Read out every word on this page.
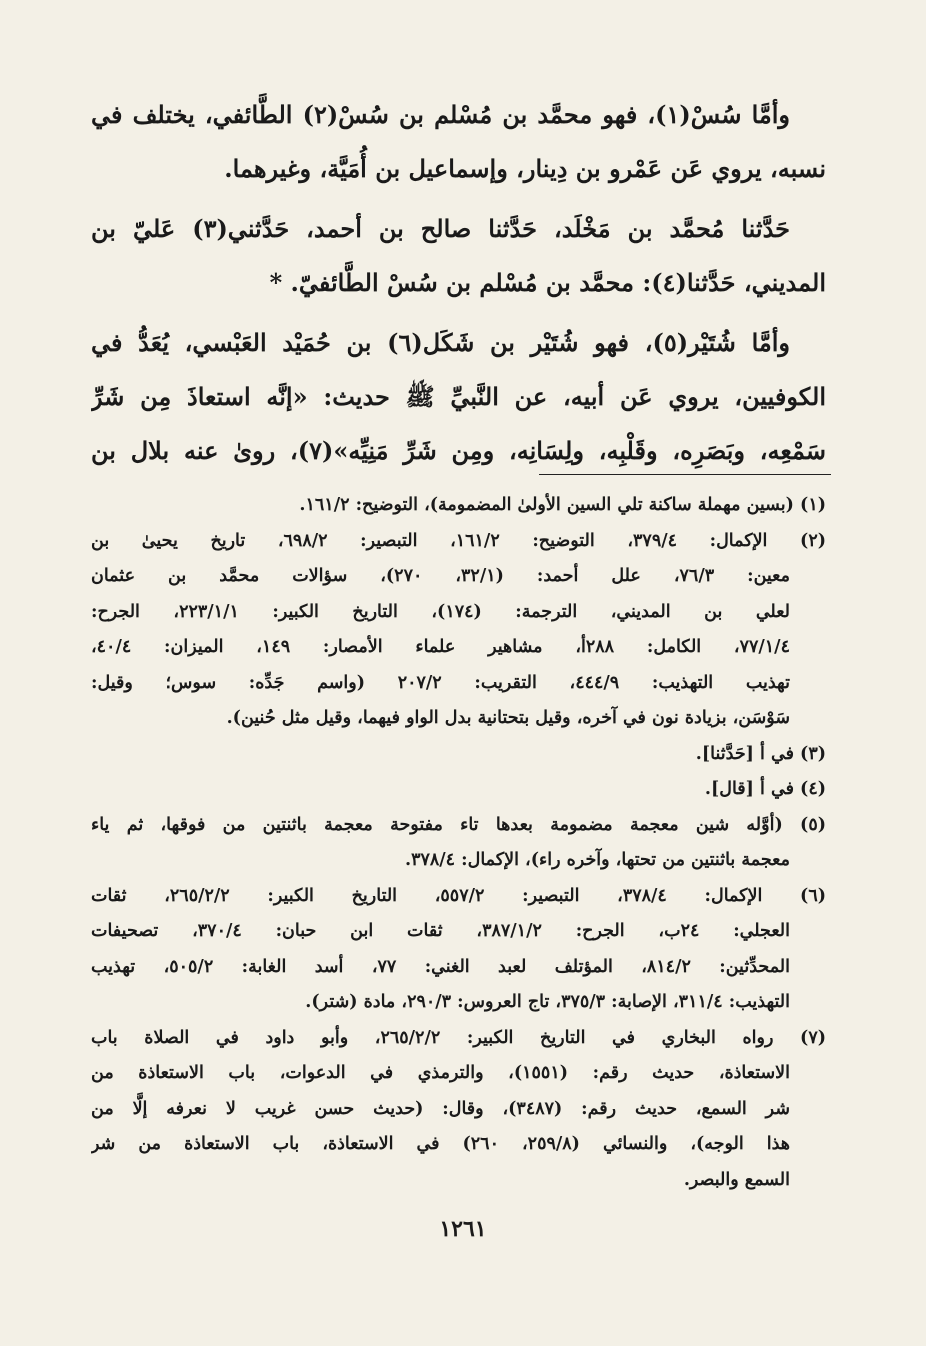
وأمَّا سُسْ(١)، فهو محمَّد بن مُسْلم بن سُسْ(٢) الطَّائفي، يختلف في
نسبه، يروي عَن عَمْرو بن دِينار، وإسماعيل بن أُمَيَّة، وغيرهما.
حَدَّثنا مُحمَّد بن مَخْلَد، حَدَّثنا صالح بن أحمد، حَدَّثني(٣) عَليّ بن
المديني، حَدَّثنا(٤): محمَّد بن مُسْلم بن سُسْ الطَّائفيّ. *
وأمَّا شُتَيْر(٥)، فهو شُتَيْر بن شَكَل(٦) بن حُمَيْد العَبْسي، يُعَدُّ في
الكوفيين، يروي عَن أبيه، عن النَّبيِّ ﷺ حديث: «إنَّه استعاذَ مِن شَرِّ
سَمْعِه، وبَصَرِه، وقَلْبِه، ولِسَانِه، ومِن شَرِّ مَنِيِّه»(٧)، روىٰ عنه بلال بن
(١) (بسين مهملة ساكنة تلي السين الأولىٰ المضمومة)، التوضيح: ١٦١/٢.
(٢) الإكمال: ٣٧٩/٤، التوضيح: ١٦١/٢، التبصير: ٦٩٨/٢، تاريخ يحيىٰ بن
معين: ٧٦/٣، علل أحمد: (٣٢/١، ٢٧٠)، سؤالات محمَّد بن عثمان
لعلي بن المديني، الترجمة: (١٧٤)، التاريخ الكبير: ٢٢٣/١/١، الجرح:
٧٧/١/٤، الكامل: ٢٨٨أ، مشاهير علماء الأمصار: ١٤٩، الميزان: ٤٠/٤،
تهذيب التهذيب: ٤٤٤/٩، التقريب: ٢٠٧/٢ (واسم جَدِّه: سوس؛ وقيل:
سَوْسَن، بزيادة نون في آخره، وقيل بتحتانية بدل الواو فيهما، وقيل مثل حُنين).
(٣) في أ [حَدَّثنا].
(٤) في أ [قال].
(٥) (أوَّله شين معجمة مضمومة بعدها تاء مفتوحة معجمة باثنتين من فوقها، ثم ياء
معجمة باثنتين من تحتها، وآخره راء)، الإكمال: ٣٧٨/٤.
(٦) الإكمال: ٣٧٨/٤، التبصير: ٥٥٧/٢، التاريخ الكبير: ٢٦٥/٢/٢، ثقات
العجلي: ٢٤ب، الجرح: ٣٨٧/١/٢، ثقات ابن حبان: ٣٧٠/٤، تصحيفات
المحدِّثين: ٨١٤/٢، المؤتلف لعبد الغني: ٧٧، أسد الغابة: ٥٠٥/٢، تهذيب
التهذيب: ٣١١/٤، الإصابة: ٣٧٥/٣، تاج العروس: ٢٩٠/٣، مادة (شتر).
(٧) رواه البخاري في التاريخ الكبير: ٢٦٥/٢/٢، وأبو داود في الصلاة باب
الاستعاذة، حديث رقم: (١٥٥١)، والترمذي في الدعوات، باب الاستعاذة من
شر السمع، حديث رقم: (٣٤٨٧)، وقال: (حديث حسن غريب لا نعرفه إلَّا من
هذا الوجه)، والنسائي (٢٥٩/٨، ٢٦٠) في الاستعاذة، باب الاستعاذة من شر
السمع والبصر.
١٢٦١
